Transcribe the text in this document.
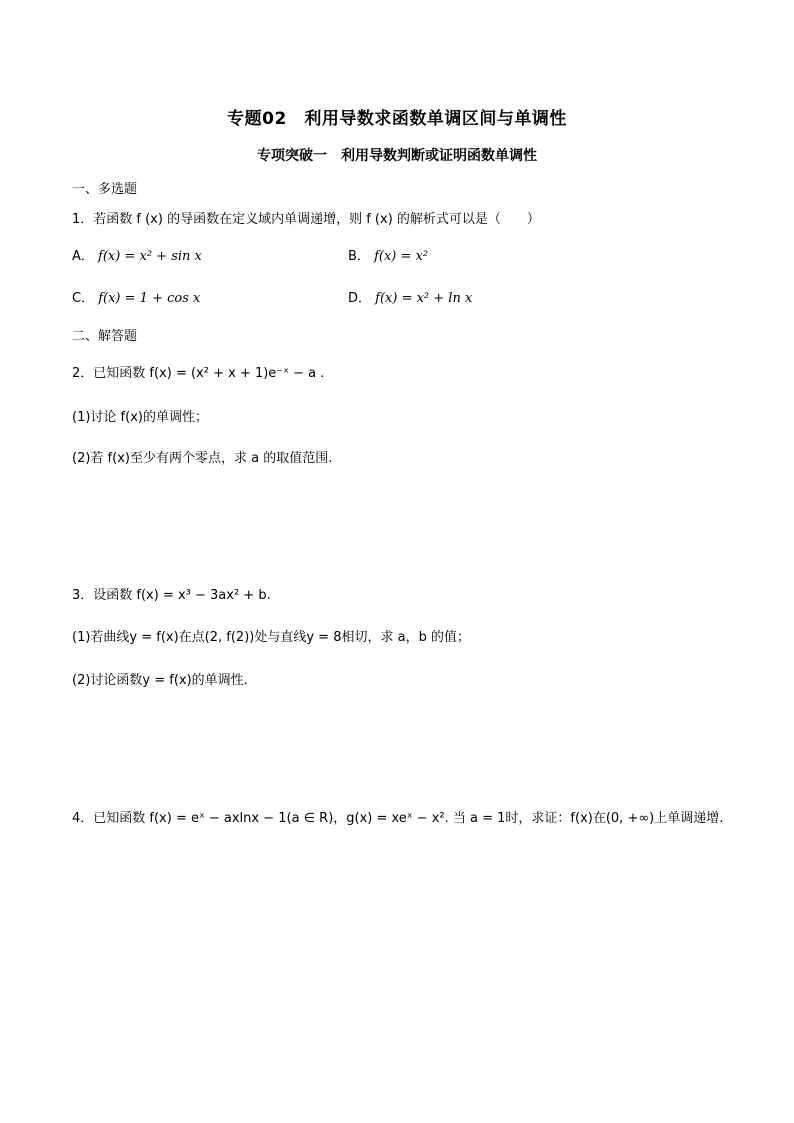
专题02　利用导数求函数单调区间与单调性
专项突破一　利用导数判断或证明函数单调性
一、多选题
1．若函数 f (x) 的导函数在定义域内单调递增，则 f (x) 的解析式可以是（　　）
A． f(x) = x² + sin x	B． f(x) = x²
C． f(x) = 1 + cos x	D． f(x) = x² + ln x
二、解答题
2．已知函数 f(x) = (x² + x + 1)e⁻ˣ − a .
(1)讨论 f(x)的单调性；
(2)若 f(x)至少有两个零点，求 a 的取值范围.
3．设函数 f(x) = x³ − 3ax² + b.
(1)若曲线y = f(x)在点(2, f(2))处与直线y = 8相切，求 a，b 的值；
(2)讨论函数y = f(x)的单调性.
4．已知函数 f(x) = eˣ − axlnx − 1(a ∈ R)，g(x) = xeˣ − x². 当 a = 1时，求证：f(x)在(0, +∞)上单调递增.
